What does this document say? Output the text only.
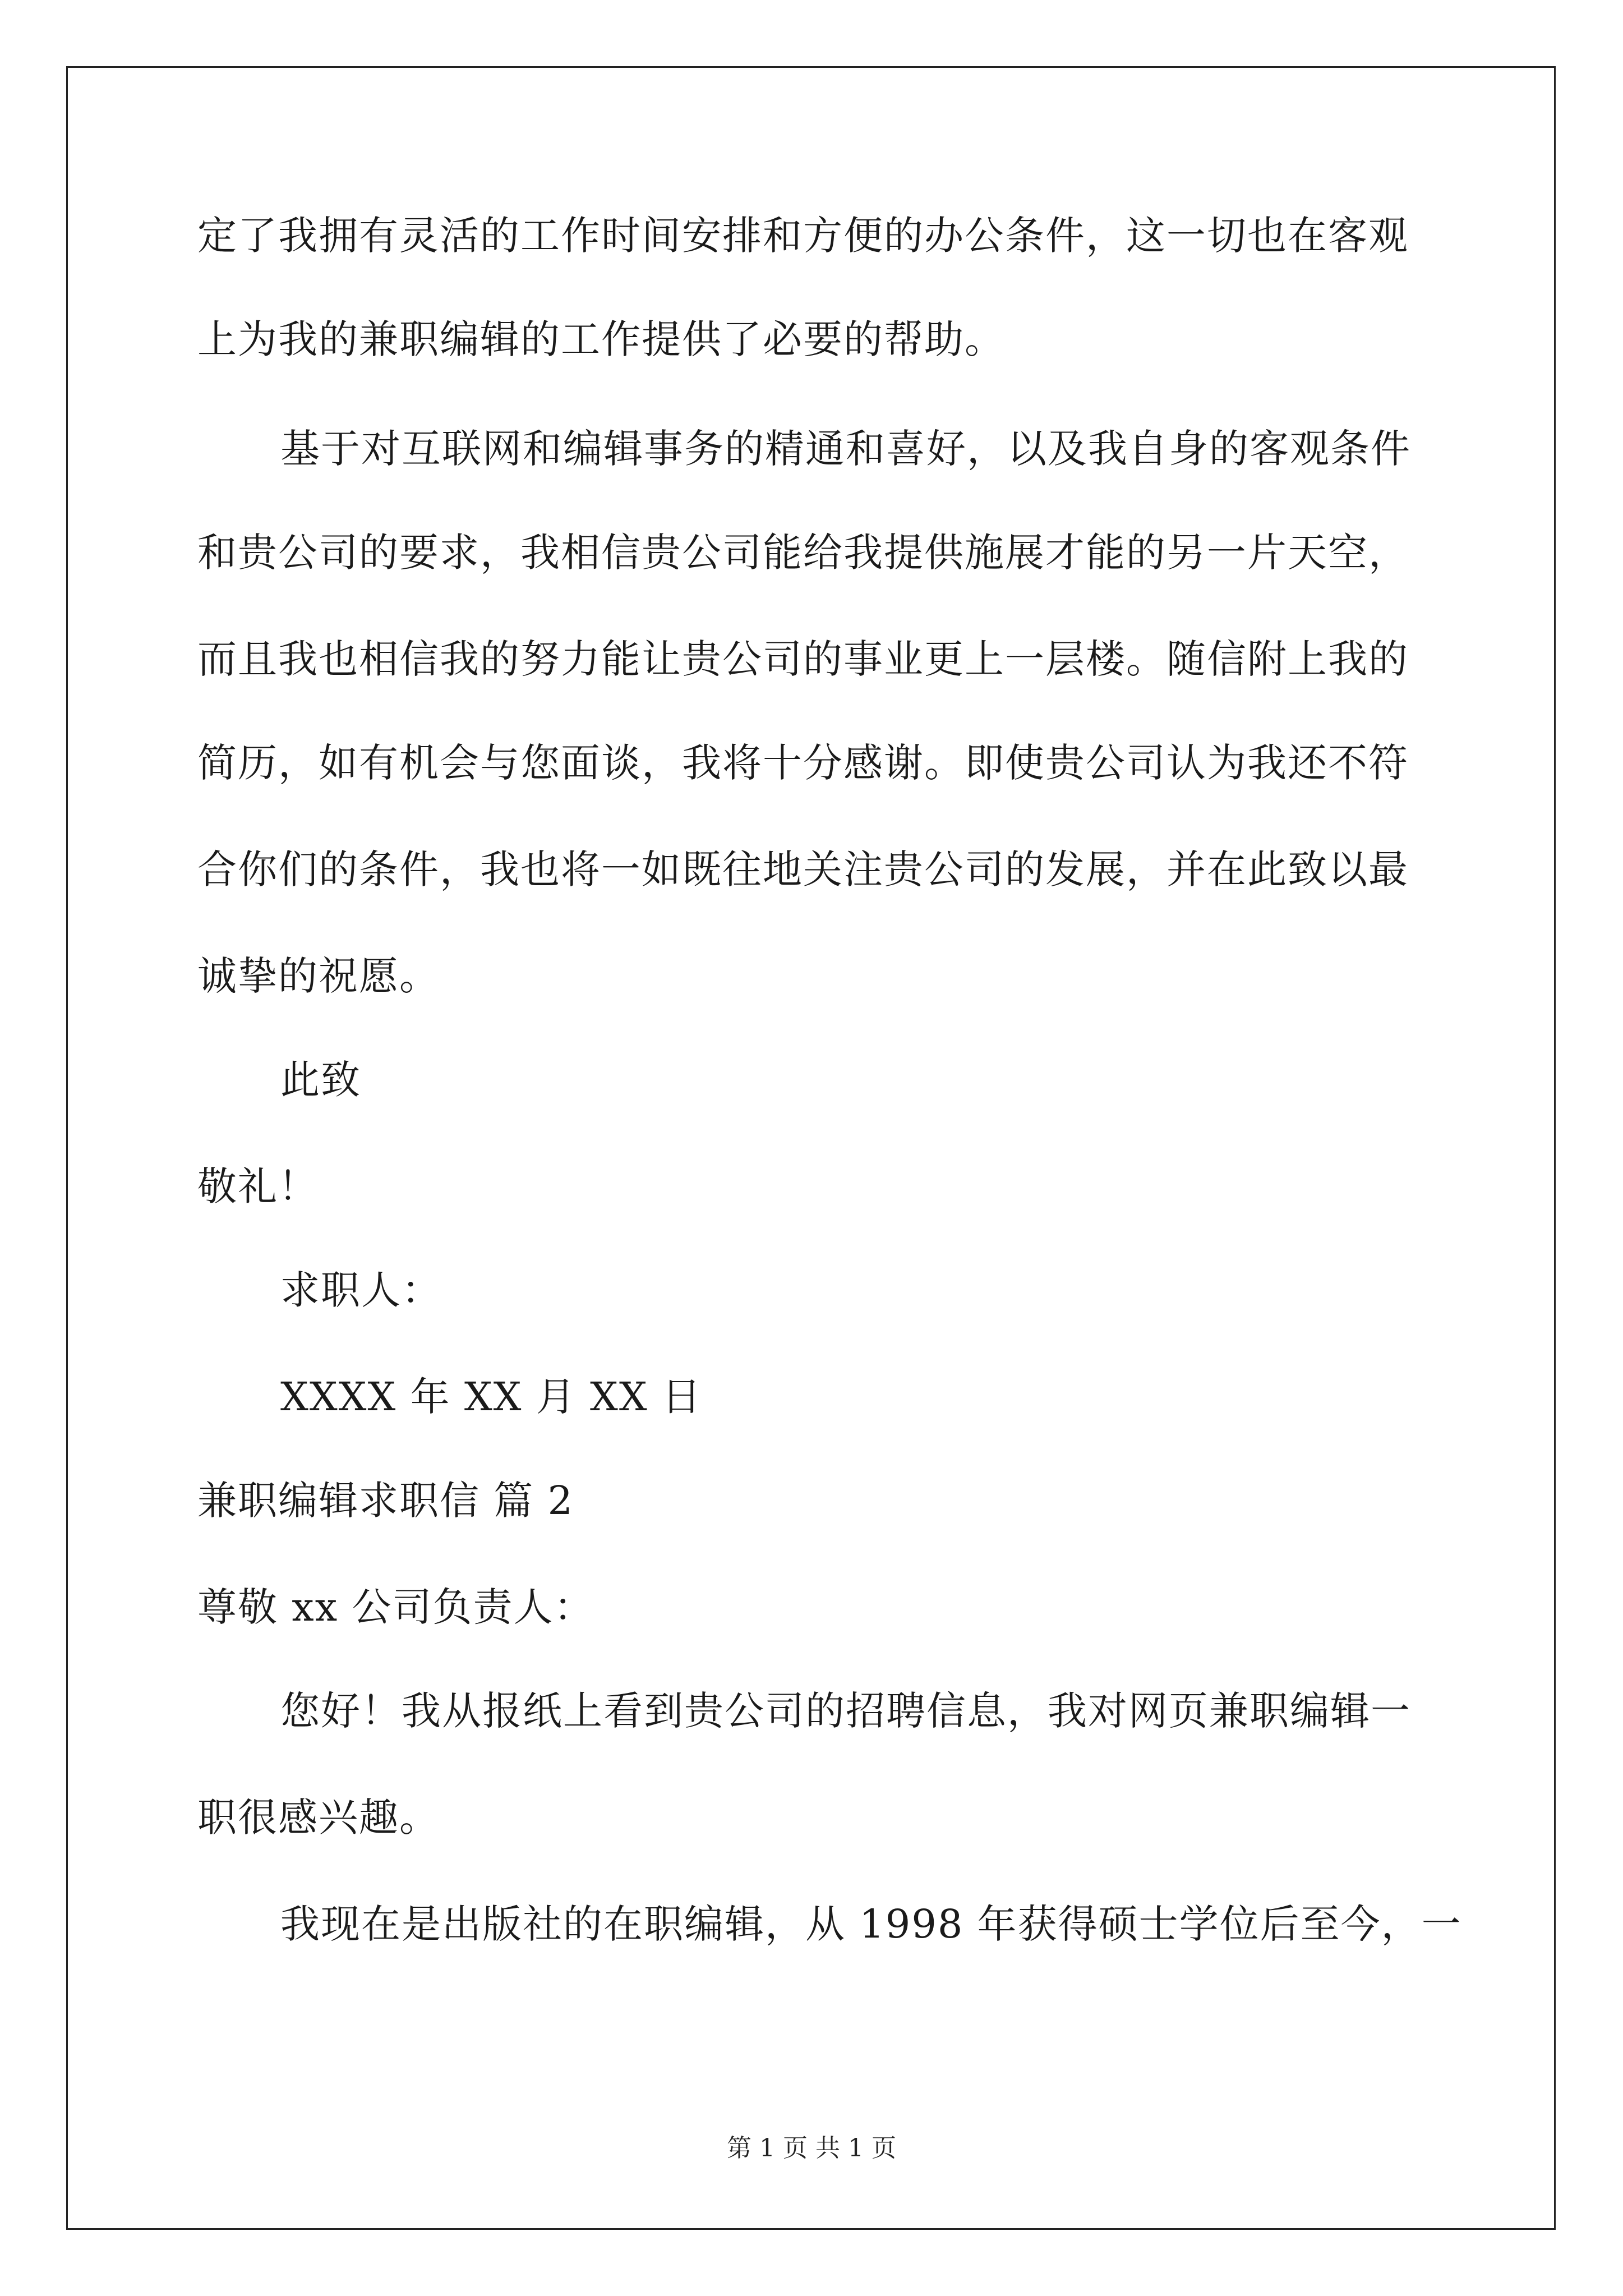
定了我拥有灵活的工作时间安排和方便的办公条件，这一切也在客观
上为我的兼职编辑的工作提供了必要的帮助。
基于对互联网和编辑事务的精通和喜好，以及我自身的客观条件
和贵公司的要求，我相信贵公司能给我提供施展才能的另一片天空，
而且我也相信我的努力能让贵公司的事业更上一层楼。随信附上我的
简历，如有机会与您面谈，我将十分感谢。即使贵公司认为我还不符
合你们的条件，我也将一如既往地关注贵公司的发展，并在此致以最
诚挚的祝愿。
此致
敬礼！
求职人：
XXXX 年 XX 月 XX 日
兼职编辑求职信 篇 2
尊敬 xx 公司负责人：
您好！我从报纸上看到贵公司的招聘信息，我对网页兼职编辑一
职很感兴趣。
我现在是出版社的在职编辑，从 1998 年获得硕士学位后至今，一
第 1 页 共 1 页
